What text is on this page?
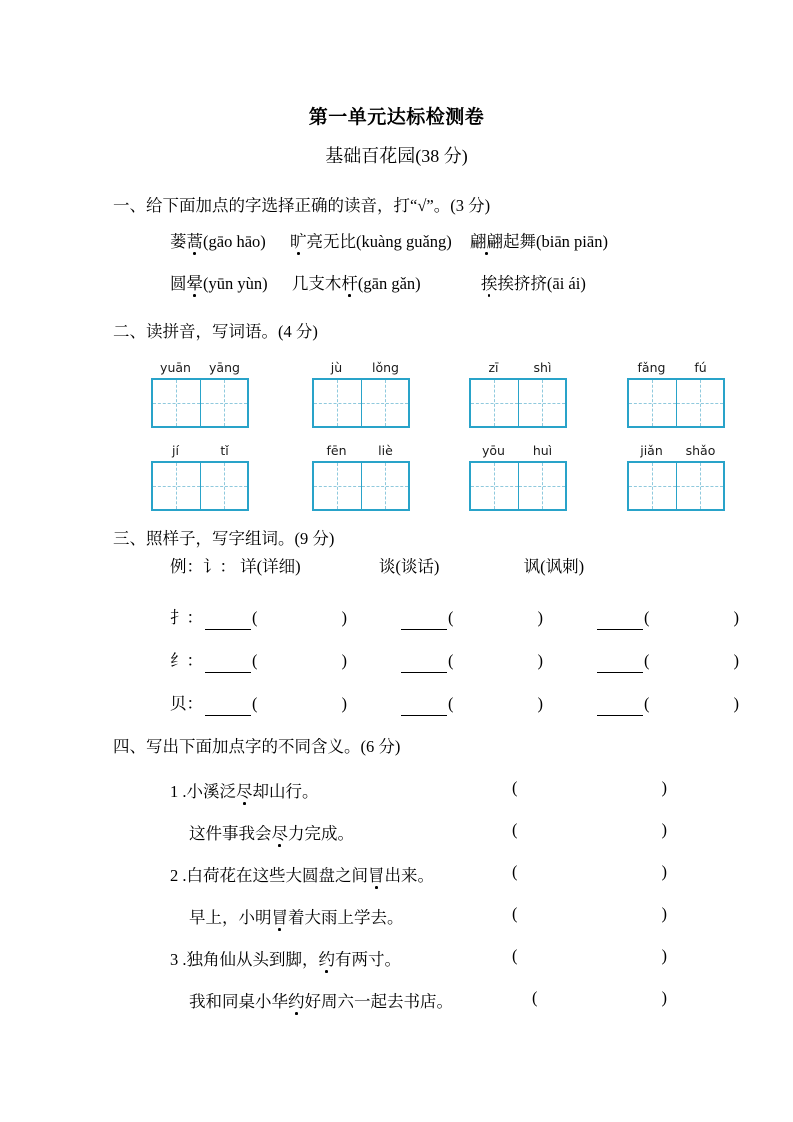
第一单元达标检测卷
基础百花园(38 分)
一、给下面加点的字选择正确的读音，打“√”。(3 分)
蒌蒿(gāo hāo) 旷亮无比(kuàng guǎng) 翩翩起舞(biān piān)
圆晕(yūn yùn) 几支木杆(gān gǎn)	挨挨挤挤(āi ái)
二、读拼音，写词语。(4 分)
yuān	yāng	jù	lǒng	zī	shì	fǎng	fú
jí	tǐ	fēn	liè	yōu	huì	jiǎn	shǎo
三、照样子，写字组词。(9 分)
例：讠： 详(详细)	谈(谈话)	讽(讽刺)
扌 ：	(	)	(	)	(	)
纟 ：	(	)	(	)	(	)
贝 ：	(	)	(	)	(	)
四、写出下面加点字的不同含义。(6 分)
1 .小溪泛尽却山行。	(	)
这件事我会尽力完成。	(	)
2 .白荷花在这些大圆盘之间冒出来。	(	)
早上，小明冒着大雨上学去。	(	)
3 .独角仙从头到脚，约有两寸。	(	)
我和同桌小华约好周六一起去书店。	(	)
